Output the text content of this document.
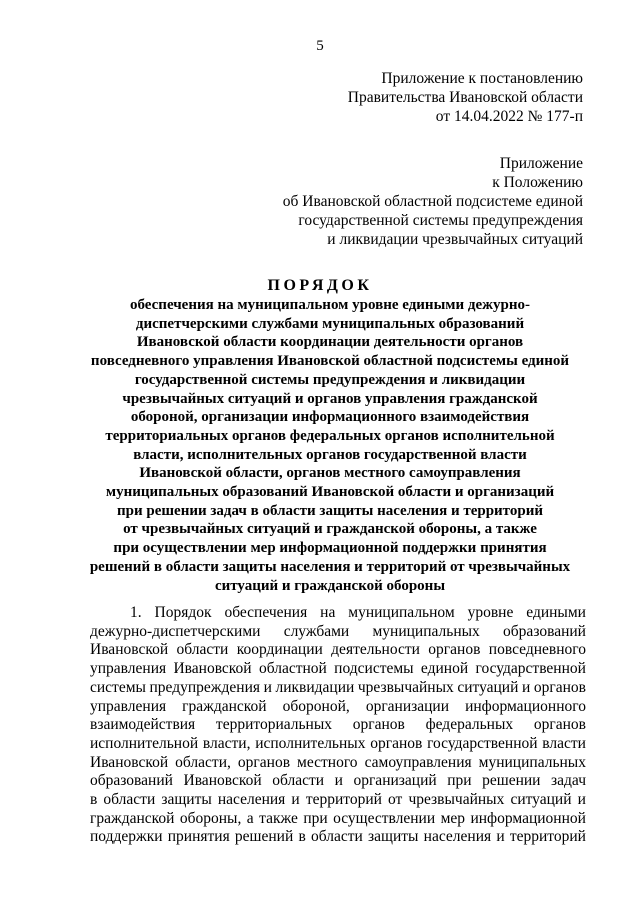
5
Приложение к постановлению
Правительства Ивановской области
от 14.04.2022 № 177-п
Приложение
к Положению
об Ивановской областной подсистеме единой
государственной системы предупреждения
и ликвидации чрезвычайных ситуаций
ПОРЯДОК
обеспечения на муниципальном уровне едиными дежурно-
диспетчерскими службами муниципальных образований
Ивановской области координации деятельности органов
повседневного управления Ивановской областной подсистемы единой
государственной системы предупреждения и ликвидации
чрезвычайных ситуаций и органов управления гражданской
обороной, организации информационного взаимодействия
территориальных органов федеральных органов исполнительной
власти, исполнительных органов государственной власти
Ивановской области, органов местного самоуправления
муниципальных образований Ивановской области и организаций
при решении задач в области защиты населения и территорий
от чрезвычайных ситуаций и гражданской обороны, а также
при осуществлении мер информационной поддержки принятия
решений в области защиты населения и территорий от чрезвычайных
ситуаций и гражданской обороны
1. Порядок обеспечения на муниципальном уровне едиными
дежурно-диспетчерскими службами муниципальных образований
Ивановской области координации деятельности органов повседневного
управления Ивановской областной подсистемы единой государственной
системы предупреждения и ликвидации чрезвычайных ситуаций и органов
управления гражданской обороной, организации информационного
взаимодействия территориальных органов федеральных органов
исполнительной власти, исполнительных органов государственной власти
Ивановской области, органов местного самоуправления муниципальных
образований Ивановской области и организаций при решении задач
в области защиты населения и территорий от чрезвычайных ситуаций и
гражданской обороны, а также при осуществлении мер информационной
поддержки принятия решений в области защиты населения и территорий
